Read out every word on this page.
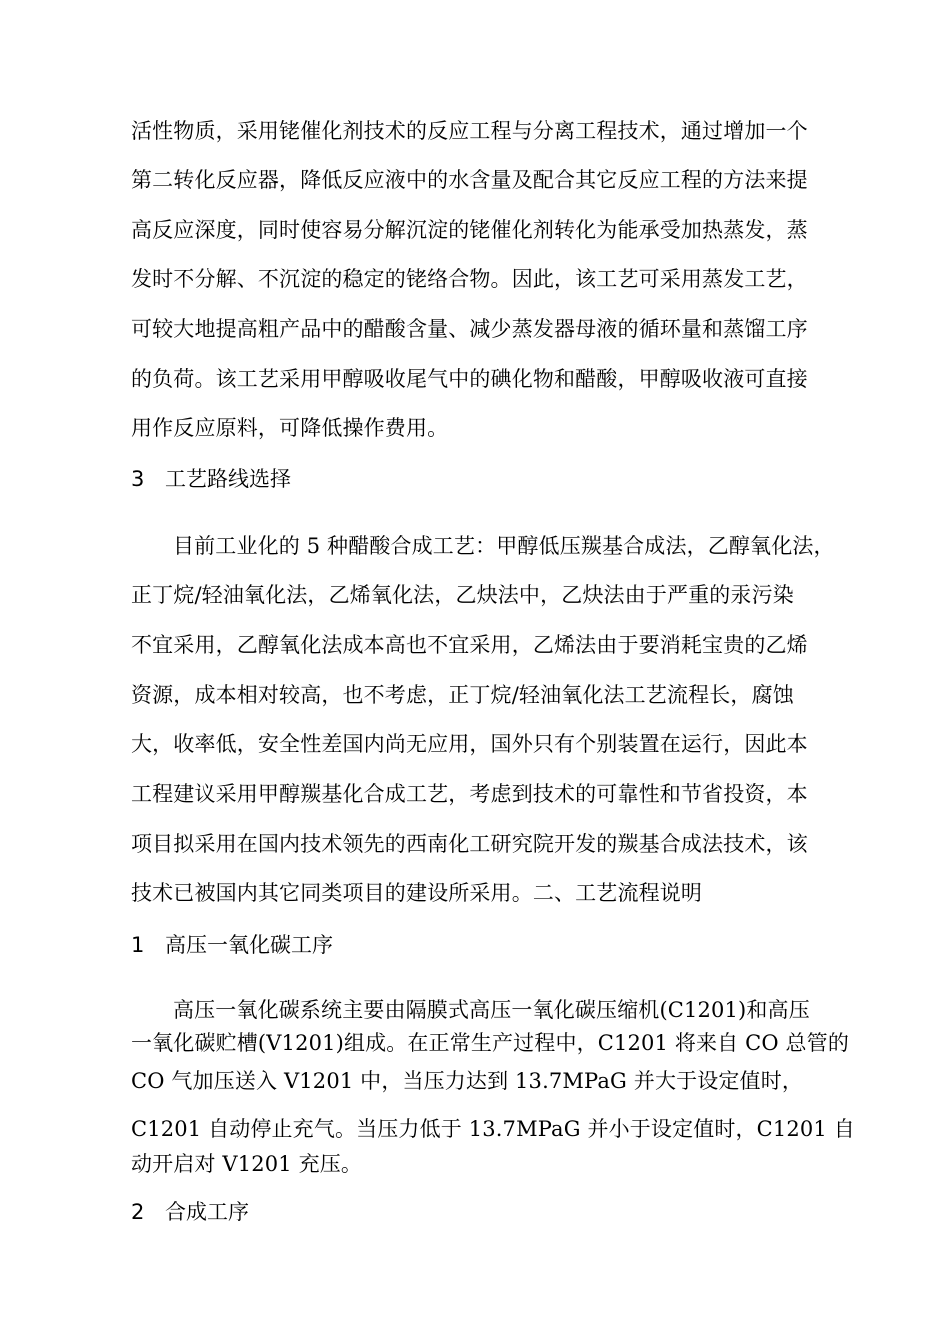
活性物质，采用铑催化剂技术的反应工程与分离工程技术，通过增加一个
第二转化反应器，降低反应液中的水含量及配合其它反应工程的方法来提
高反应深度，同时使容易分解沉淀的铑催化剂转化为能承受加热蒸发，蒸
发时不分解、不沉淀的稳定的铑络合物。因此，该工艺可采用蒸发工艺，
可较大地提高粗产品中的醋酸含量、减少蒸发器母液的循环量和蒸馏工序
的负荷。该工艺采用甲醇吸收尾气中的碘化物和醋酸，甲醇吸收液可直接
用作反应原料，可降低操作费用。
3 工艺路线选择
目前工业化的 5 种醋酸合成工艺：甲醇低压羰基合成法，乙醇氧化法，
正丁烷/轻油氧化法，乙烯氧化法，乙炔法中，乙炔法由于严重的汞污染
不宜采用，乙醇氧化法成本高也不宜采用，乙烯法由于要消耗宝贵的乙烯
资源，成本相对较高，也不考虑，正丁烷/轻油氧化法工艺流程长，腐蚀
大，收率低，安全性差国内尚无应用，国外只有个别装置在运行，因此本
工程建议采用甲醇羰基化合成工艺，考虑到技术的可靠性和节省投资，本
项目拟采用在国内技术领先的西南化工研究院开发的羰基合成法技术，该
技术已被国内其它同类项目的建设所采用。二、工艺流程说明
1 高压一氧化碳工序
高压一氧化碳系统主要由隔膜式高压一氧化碳压缩机(C1201)和高压
一氧化碳贮槽(V1201)组成。在正常生产过程中，C1201 将来自 CO 总管的
CO 气加压送入 V1201 中，当压力达到 13.7MPaG 并大于设定值时，
C1201 自动停止充气。当压力低于 13.7MPaG 并小于设定值时，C1201 自
动开启对 V1201 充压。
2 合成工序
